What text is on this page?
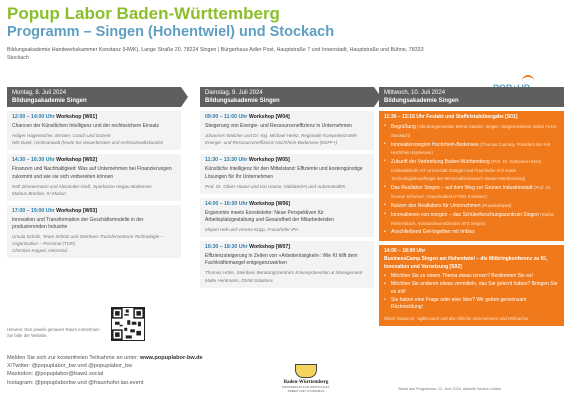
Popup Labor Baden-Württemberg
Programm – Singen (Hohentwiel) und Stockach
Bildungsakademie Handwerkskammer Konstanz (HWK), Lange Straße 20, 78224 Singen | Bürgerhaus Adler Post, Hauptstraße 7 und Innenstadt, Hauptstraße und Bühne, 78333 Stockach
Montag, 8. Juli 2024
Bildungsakademie Singen
12:00 – 14:00 Uhr Workshop [W01]
Chancen der Künstlichen Intelligenz und der rechtssichere Einsatz
Holger Hagenlocher, Berater, Coach und Dozent
Nils Dank, rechtsanwalt (heute bei steuerberater und rechtsanwaltskanzlei
14:30 – 16:30 Uhr Workshop [W02]
Finanzen und Nachhaltigkeit: Was auf Unternehmen bei Finanzierungen zukommt und wie sie sich vorbereiten können
Ralf Zimmermann und Alexander Gieß, Sparkasse Hegau-Bodensee
Markus Brücker, IV-Motion
17:00 – 19:00 Uhr Workshop [W03]
Innovation und Transformation der Geschäftsmodelle in der produzierenden Industrie
Ursula Scholz, Team Scholz und Steinbeis-Transferzentrum Technologie – Organisation – Personal (TOP)
Christian Kuppel, Hectronic
Dienstag, 9. Juli 2024
Bildungsakademie Singen
09:00 – 11:00 Uhr Workshop [W04]
Steigerung von Energie- und Ressourceneffizienz in Unternehmen
Johannes Walcher und Dr.-Ing. Michael Heinz, Regionale Kompetenzstelle Energie- und Ressourceneffizienz Hochrhein-Bodensee (KEFF+)
11:30 – 13:30 Uhr Workshop [W05]
Künstliche Intelligenz für den Mittelstand: Effiziente und kostengünstige Lösungen für Ihr Unternehmen
Prof. Dr. Oliver Haase und Kai Haase, ValidatedAI und AutomatedEK
14:00 – 16:00 Uhr Workshop [W06]
Ergonomie meets Exoskelette: Neue Perspektiven für Arbeitsplatzgestaltung und Gesundheit der Mitarbeitenden
Mirjam Hell und Verena Kopp, Fraunhofer IPA
16:30 – 18:30 Uhr Workshop [W07]
Effizienzsteigerung in Zeiten von »Arbeiterlosigkeit«: Wie KI hilft dem Fachkräftemangel entgegenzuwirken
Thomas Hörle, Steinbeis Beratungszentrum Krisenprävention & Management
Malte Hentmann, DIVM Solutions
Mittwoch, 10. Juli 2024
Bildungsakademie Singen
11:30 – 13:15 Uhr Festakt und Staffelstabübergabe [S01]
• Begrüßung (Oberbürgermeister Bernd Häusler, Singen, Bürgermeisterin Isabel Fezer, Stockach)
• Innovationsregion Hochrhein-Bodensee (Thomas Conrady, Präsident der IHK Hochrhein-Bodensee)
• Zukunft der Verbreitung Baden-Württemberg (Prof. Dr. Katharina Hölzle, Institutsleiterin IAT Universität Stuttgart und Fraunhofer IAO sowie Technologiebeauftragte der Wirtschaftsministerin Baden-Württemberg)
• Das Reallabor Singen – auf dem Weg zur Grünen Industriestadt (Prof. Dr. Gunnar Schubert, Vizepräsident HTWG Konstanz)
• Nutzen des Reallabors für Unternehmen (Praxisbeispiel)
• Innovationen von morgen – das Schülerforschungszentrum Singen (Stefan Rehnenbach, Vorstandsvorsitzender SFZ Singen)
• Anschließend Get-together mit Imbiss
14:00 – 18:00 Uhr
BusinessCamp Singen am Hohentwiel – die Mitbringkonferenz zu KI, Innovation und Vernetzung [S02]
• Möchten Sie zu einem Thema etwas lernen? Bestimmen Sie es!
• Möchten Sie anderen etwas vermitteln, das Sie gelernt haben? Bringen Sie es mit!
• Sie haben eine Frage oder eine Idee? Wir geben gemeinsam Rückmeldung!
Oliver Gausmel, 'agilEcoach und alle Ullrichs unternehmen und Mitmacher
Hinweis: Den jeweils genauen Raum entnehmen Sie bitte der Website.
Melden Sie sich zur kostenfreien Teilnahme an unter: www.popuplabor-bw.de
X/Twitter: @popuplabor_bw und @popuplabor_bw
Mastodon: @popuplabor@bawü.social
Instagram: @popuplaborbw und @fraunhofer.iao.event	Baden-Württemberg
MINISTERIUM FÜR WIRTSCHAFT, ARBEIT UND TOURISMUS	Stand des Programms: 12. Juni 2024, aktuelle Version online.
